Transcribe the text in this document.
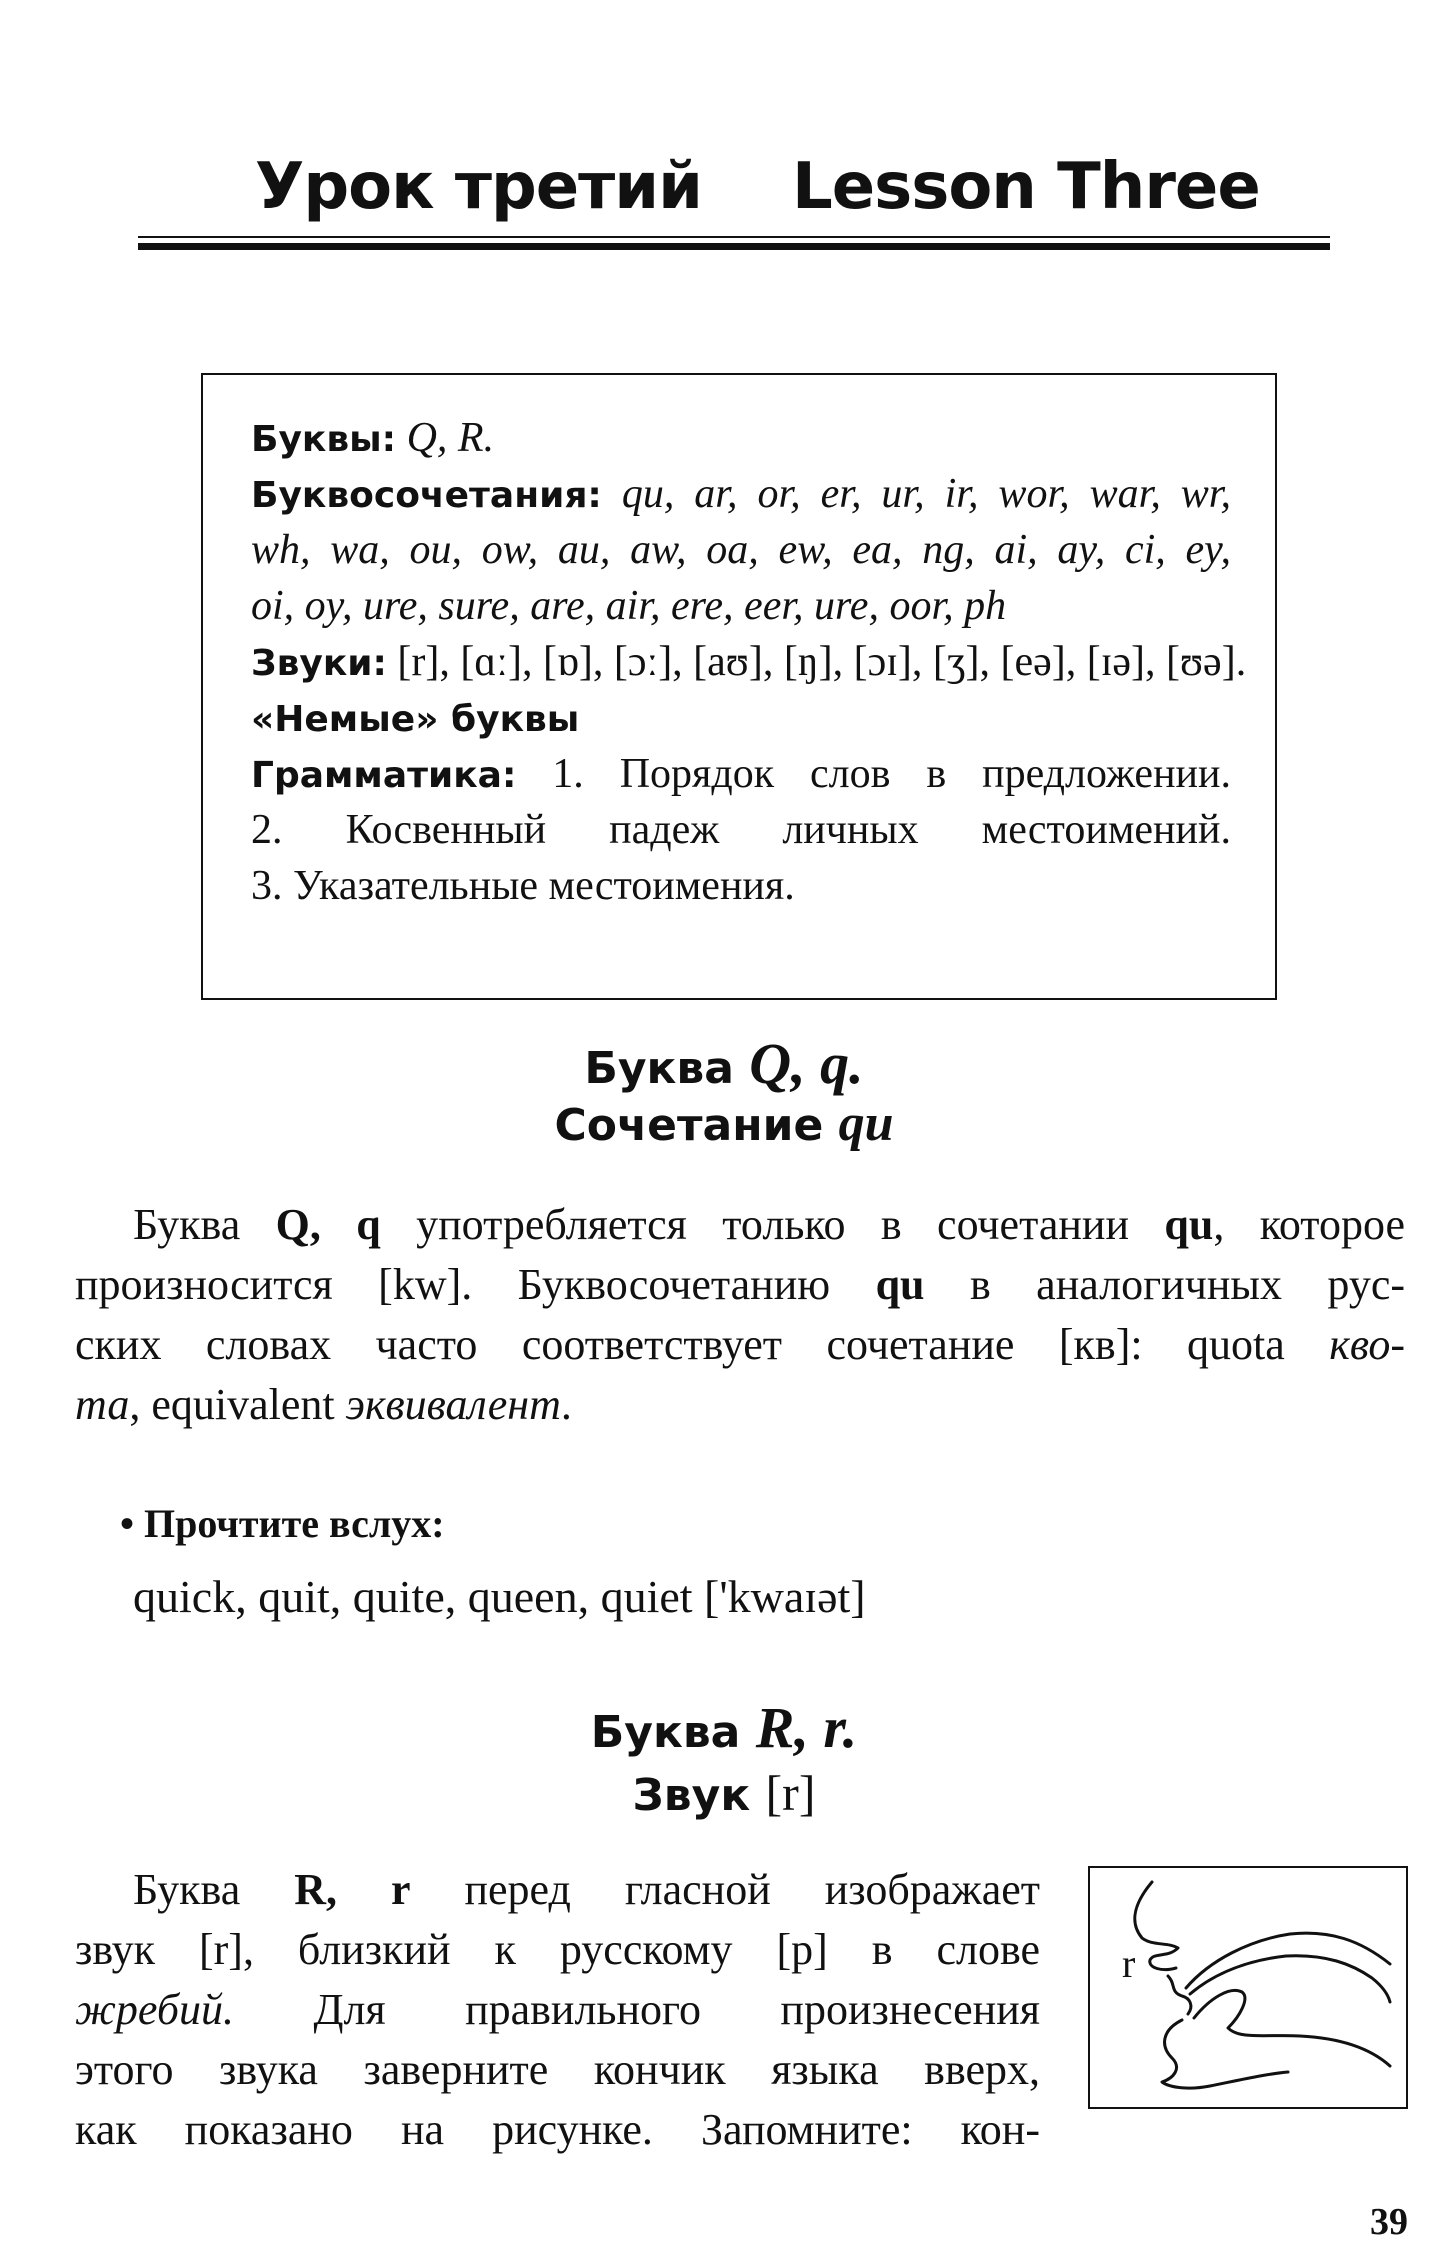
Урок третий Lesson Three
Буквы: Q, R.
Буквосочетания: qu, ar, or, er, ur, ir, wor, war, wr,
wh, wa, ou, ow, au, aw, oa, ew, ea, ng, ai, ay, ci, ey,
oi, oy, ure, sure, are, air, ere, eer, ure, oor, ph
Звуки: [r], [ɑː], [ɒ], [ɔː], [aʊ], [ŋ], [ɔɪ], [ʒ], [eə], [ɪə], [ʊə].
«Немые» буквы
Грамматика: 1. Порядок слов в предложении.
2. Косвенный падеж личных местоимений.
3. Указательные местоимения.
Буква Q, q.
Сочетание qu
Буква Q, q употребляется только в сочетании qu, которое
произносится [kw]. Буквосочетанию qu в аналогичных рус-
ских словах часто соответствует сочетание [кв]: quota кво-
та, equivalent эквивалент.
• Прочтите вслух:
quick, quit, quite, queen, quiet ['kwaɪət]
Буква R, r.
Звук [r]
Буква R, r перед гласной изображает
звук [r], близкий к русскому [р] в слове
жребий. Для правильного произнесения
этого звука заверните кончик языка вверх,
как показано на рисунке. Запомните: кон-
r
39
